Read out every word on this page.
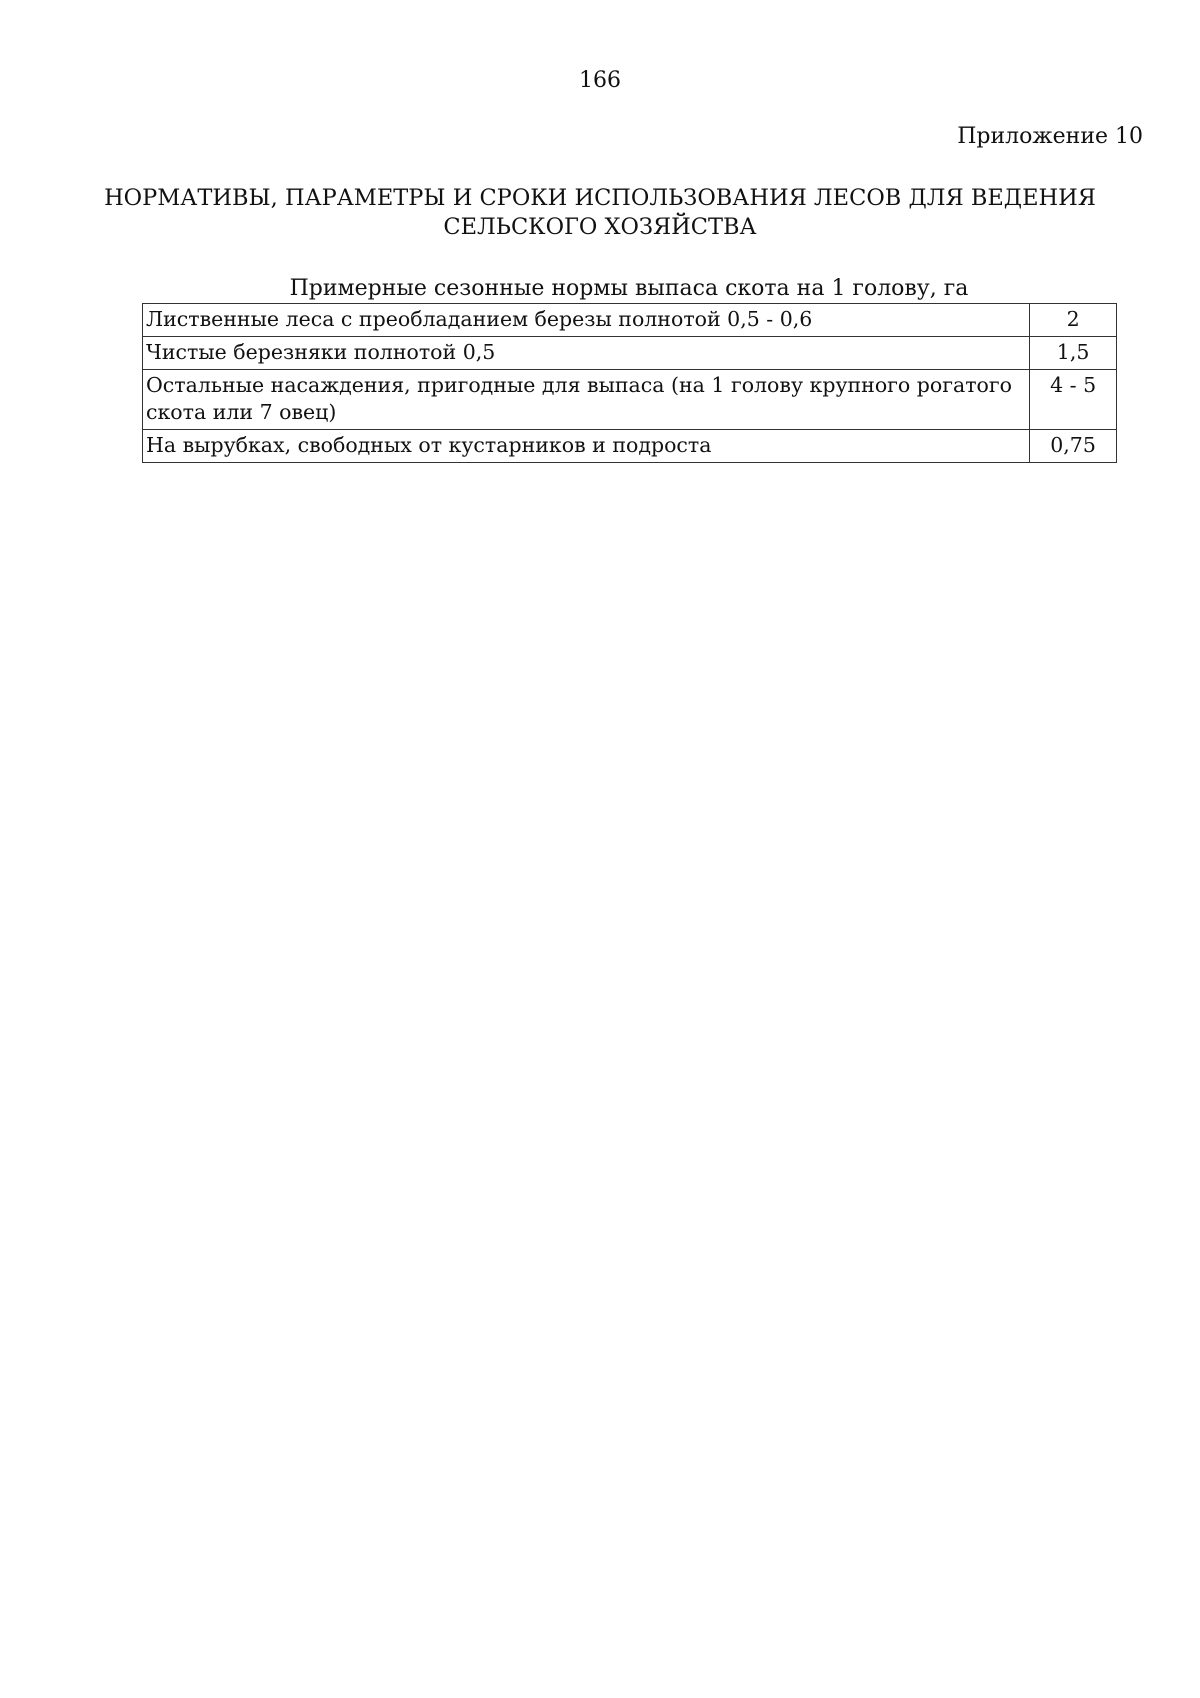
166
Приложение 10
НОРМАТИВЫ, ПАРАМЕТРЫ И СРОКИ ИСПОЛЬЗОВАНИЯ ЛЕСОВ ДЛЯ ВЕДЕНИЯ СЕЛЬСКОГО ХОЗЯЙСТВА
Примерные сезонные нормы выпаса скота на 1 голову, га
Лиственные леса с преобладанием березы полнотой 0,5 - 0,6	2
Чистые березняки полнотой 0,5	1,5
Остальные насаждения, пригодные для выпаса (на 1 голову крупного рогатого скота или 7 овец)	4 - 5
На вырубках, свободных от кустарников и подроста	0,75
